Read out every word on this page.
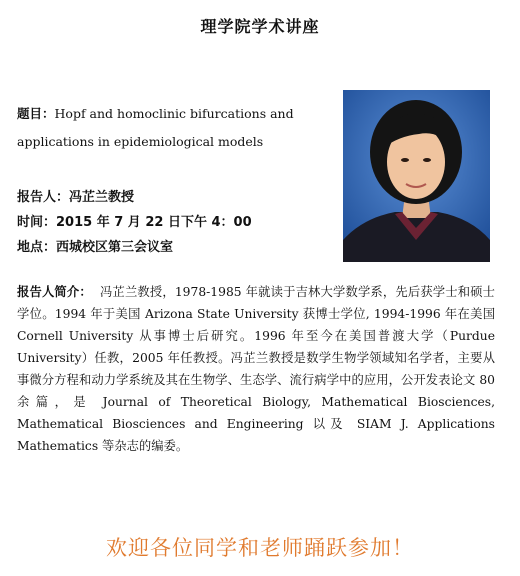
理学院学术讲座
题目：Hopf and homoclinic bifurcations and applications in epidemiological models
报告人：冯芷兰教授
时间：2015 年 7 月 22 日下午 4：00
地点：西城校区第三会议室
报告人简介： 冯芷兰教授，1978-1985 年就读于吉林大学数学系，先后获学士和硕士学位。1994 年于美国 Arizona State University 获博士学位, 1994-1996 年在美国 Cornell University 从事博士后研究。1996 年至今在美国普渡大学（Purdue University）任教，2005 年任教授。冯芷兰教授是数学生物学领域知名学者，主要从事微分方程和动力学系统及其在生物学、生态学、流行病学中的应用，公开发表论文 80 余篇，是 Journal of Theoretical Biology, Mathematical Biosciences, Mathematical Biosciences and Engineering 以及 SIAM J. Applications Mathematics 等杂志的编委。
欢迎各位同学和老师踊跃参加！
